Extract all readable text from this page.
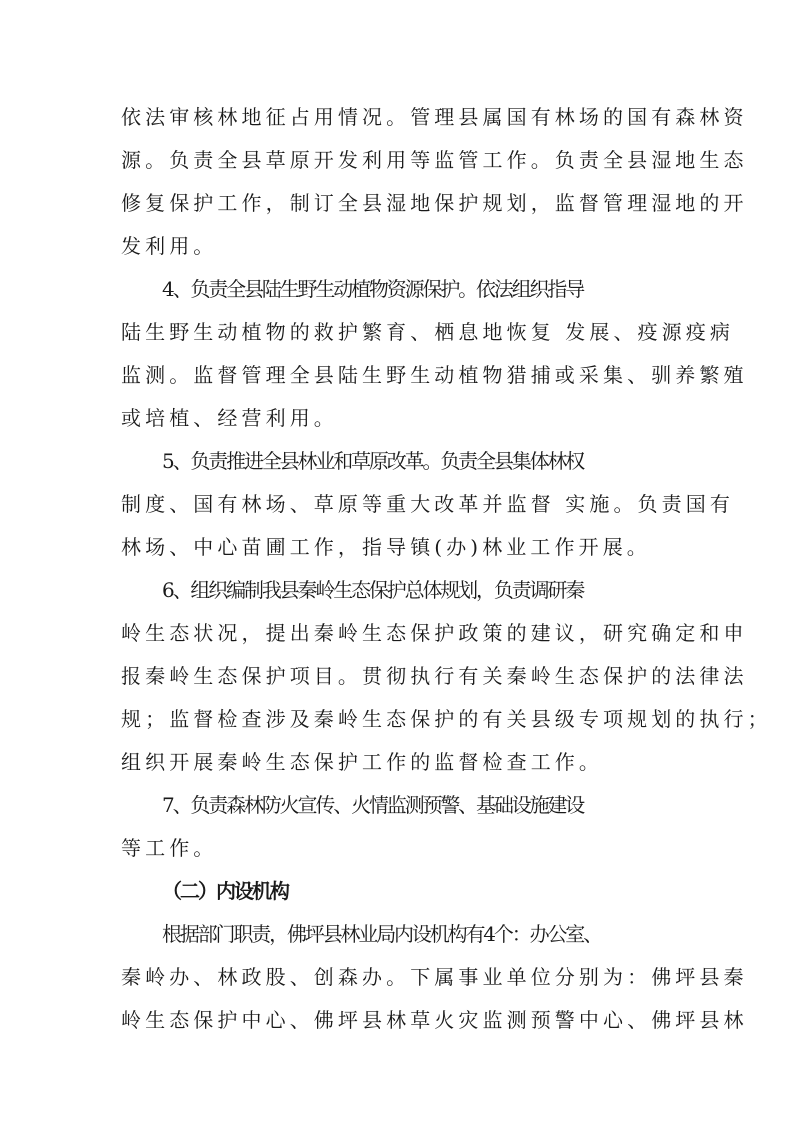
依法审核林地征占用情况。管理县属国有林场的国有森林资
源。负责全县草原开发利用等监管工作。负责全县湿地生态
修复保护工作，制订全县湿地保护规划，监督管理湿地的开
发利用。
4、负责全县陆生野生动植物资源保护。依法组织指导
陆生野生动植物的救护繁育、栖息地恢复 发展、疫源疫病
监测。监督管理全县陆生野生动植物猎捕或采集、驯养繁殖
或培植、经营利用。
5、负责推进全县林业和草原改革。负责全县集体林权
制度、国有林场、草原等重大改革并监督 实施。负责国有
林场、中心苗圃工作，指导镇(办)林业工作开展。
6、组织编制我县秦岭生态保护总体规划，负责调研秦
岭生态状况，提出秦岭生态保护政策的建议，研究确定和申
报秦岭生态保护项目。贯彻执行有关秦岭生态保护的法律法
规；监督检查涉及秦岭生态保护的有关县级专项规划的执行；
组织开展秦岭生态保护工作的监督检查工作。
7、负责森林防火宣传、火情监测预警、基础设施建设
等工作。
（二）内设机构
根据部门职责，佛坪县林业局内设机构有4个：办公室、
秦岭办、林政股、创森办。下属事业单位分别为：佛坪县秦
岭生态保护中心、佛坪县林草火灾监测预警中心、佛坪县林
